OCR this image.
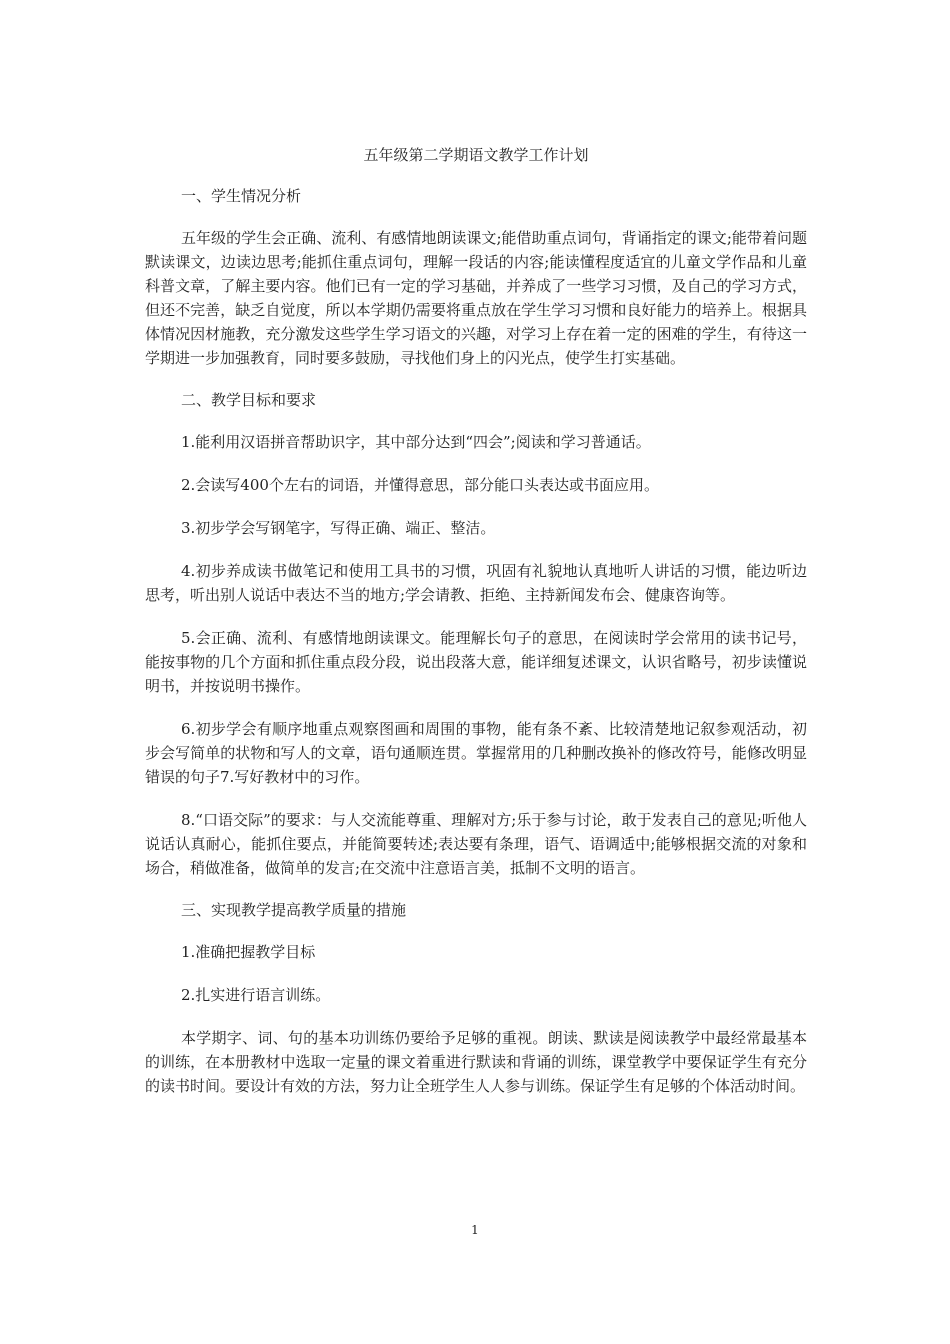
五年级第二学期语文教学工作计划
一、学生情况分析
五年级的学生会正确、流利、有感情地朗读课文;能借助重点词句，背诵指定的课文;能带着问题默读课文，边读边思考;能抓住重点词句，理解一段话的内容;能读懂程度适宜的儿童文学作品和儿童科普文章，了解主要内容。他们已有一定的学习基础，并养成了一些学习习惯，及自己的学习方式，但还不完善，缺乏自觉度，所以本学期仍需要将重点放在学生学习习惯和良好能力的培养上。根据具体情况因材施教，充分激发这些学生学习语文的兴趣，对学习上存在着一定的困难的学生，有待这一学期进一步加强教育，同时要多鼓励，寻找他们身上的闪光点，使学生打实基础。
二、教学目标和要求
1.能利用汉语拼音帮助识字，其中部分达到“四会”;阅读和学习普通话。
2.会读写400个左右的词语，并懂得意思，部分能口头表达或书面应用。
3.初步学会写钢笔字，写得正确、端正、整洁。
4.初步养成读书做笔记和使用工具书的习惯，巩固有礼貌地认真地听人讲话的习惯，能边听边思考，听出别人说话中表达不当的地方;学会请教、拒绝、主持新闻发布会、健康咨询等。
5.会正确、流利、有感情地朗读课文。能理解长句子的意思，在阅读时学会常用的读书记号，能按事物的几个方面和抓住重点段分段，说出段落大意，能详细复述课文，认识省略号，初步读懂说明书，并按说明书操作。
6.初步学会有顺序地重点观察图画和周围的事物，能有条不紊、比较清楚地记叙参观活动，初步会写简单的状物和写人的文章，语句通顺连贯。掌握常用的几种删改换补的修改符号，能修改明显错误的句子7.写好教材中的习作。
8.“口语交际”的要求：与人交流能尊重、理解对方;乐于参与讨论，敢于发表自己的意见;听他人说话认真耐心，能抓住要点，并能简要转述;表达要有条理，语气、语调适中;能够根据交流的对象和场合，稍做准备，做简单的发言;在交流中注意语言美，抵制不文明的语言。
三、实现教学提高教学质量的措施
1.准确把握教学目标
2.扎实进行语言训练。
本学期字、词、句的基本功训练仍要给予足够的重视。朗读、默读是阅读教学中最经常最基本的训练，在本册教材中选取一定量的课文着重进行默读和背诵的训练，课堂教学中要保证学生有充分的读书时间。要设计有效的方法，努力让全班学生人人参与训练。保证学生有足够的个体活动时间。
1
